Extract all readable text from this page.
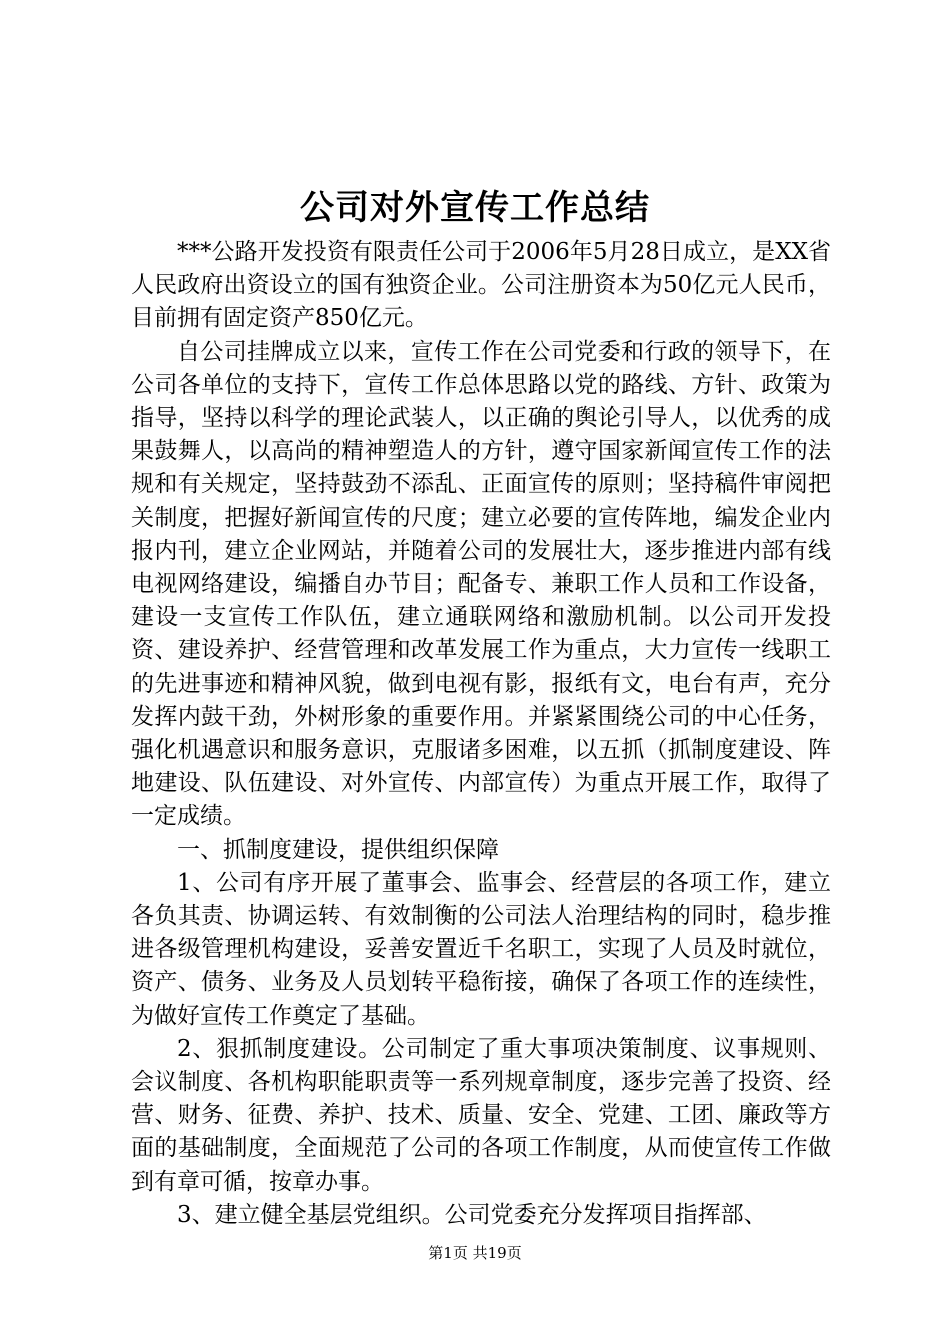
公司对外宣传工作总结

***公路开发投资有限责任公司于2006年5月28日成立，是XX省人民政府出资设立的国有独资企业。公司注册资本为50亿元人民币，目前拥有固定资产850亿元。

自公司挂牌成立以来，宣传工作在公司党委和行政的领导下，在公司各单位的支持下，宣传工作总体思路以党的路线、方针、政策为指导，坚持以科学的理论武装人，以正确的舆论引导人，以优秀的成果鼓舞人，以高尚的精神塑造人的方针，遵守国家新闻宣传工作的法规和有关规定，坚持鼓劲不添乱、正面宣传的原则；坚持稿件审阅把关制度，把握好新闻宣传的尺度；建立必要的宣传阵地，编发企业内报内刊，建立企业网站，并随着公司的发展壮大，逐步推进内部有线电视网络建设，编播自办节目；配备专、兼职工作人员和工作设备，建设一支宣传工作队伍，建立通联网络和激励机制。以公司开发投资、建设养护、经营管理和改革发展工作为重点，大力宣传一线职工的先进事迹和精神风貌，做到电视有影，报纸有文，电台有声，充分发挥内鼓干劲，外树形象的重要作用。并紧紧围绕公司的中心任务，强化机遇意识和服务意识，克服诸多困难，以五抓（抓制度建设、阵地建设、队伍建设、对外宣传、内部宣传）为重点开展工作，取得了一定成绩。

一、抓制度建设，提供组织保障

1、公司有序开展了董事会、监事会、经营层的各项工作，建立各负其责、协调运转、有效制衡的公司法人治理结构的同时，稳步推进各级管理机构建设，妥善安置近千名职工，实现了人员及时就位，资产、债务、业务及人员划转平稳衔接，确保了各项工作的连续性，为做好宣传工作奠定了基础。

2、狠抓制度建设。公司制定了重大事项决策制度、议事规则、会议制度、各机构职能职责等一系列规章制度，逐步完善了投资、经营、财务、征费、养护、技术、质量、安全、党建、工团、廉政等方面的基础制度，全面规范了公司的各项工作制度，从而使宣传工作做到有章可循，按章办事。

3、建立健全基层党组织。公司党委充分发挥项目指挥部、

第1页 共19页
